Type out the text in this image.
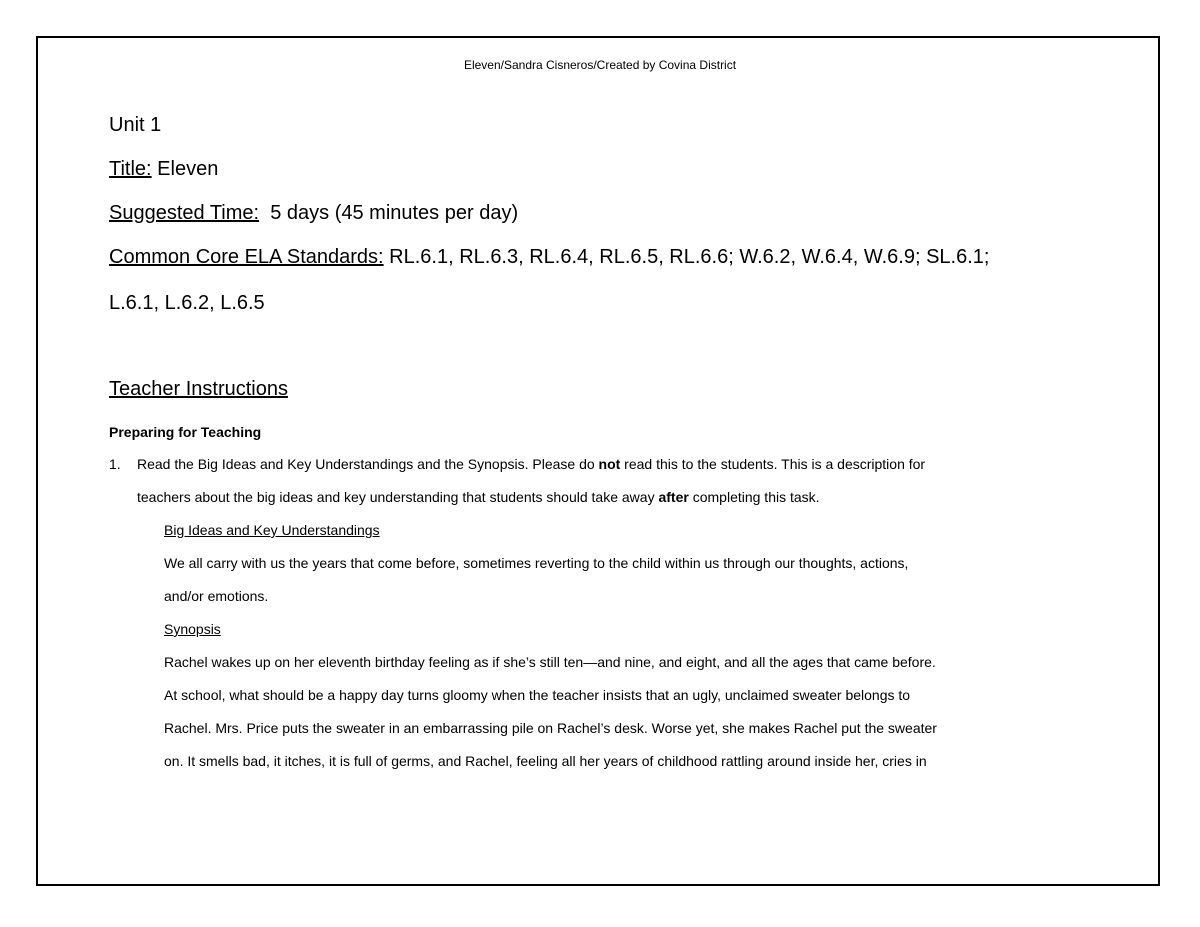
Eleven/Sandra Cisneros/Created by Covina District
Unit 1
Title: Eleven
Suggested Time:  5 days (45 minutes per day)
Common Core ELA Standards: RL.6.1, RL.6.3, RL.6.4, RL.6.5, RL.6.6; W.6.2, W.6.4, W.6.9; SL.6.1;
L.6.1, L.6.2, L.6.5
Teacher Instructions
Preparing for Teaching
1. Read the Big Ideas and Key Understandings and the Synopsis. Please do not read this to the students. This is a description for
teachers about the big ideas and key understanding that students should take away after completing this task.
Big Ideas and Key Understandings
We all carry with us the years that come before, sometimes reverting to the child within us through our thoughts, actions,
and/or emotions.
Synopsis
Rachel wakes up on her eleventh birthday feeling as if she’s still ten—and nine, and eight, and all the ages that came before.
At school, what should be a happy day turns gloomy when the teacher insists that an ugly, unclaimed sweater belongs to
Rachel. Mrs. Price puts the sweater in an embarrassing pile on Rachel’s desk. Worse yet, she makes Rachel put the sweater
on. It smells bad, it itches, it is full of germs, and Rachel, feeling all her years of childhood rattling around inside her, cries in
